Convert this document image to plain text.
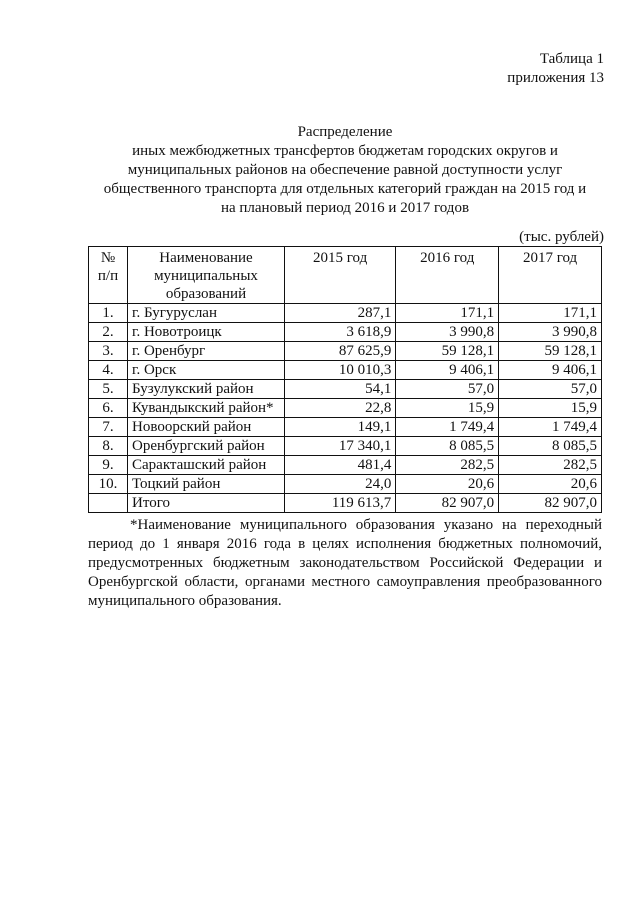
Таблица 1
приложения 13
Распределение
иных межбюджетных трансфертов бюджетам городских округов и
муниципальных районов на обеспечение равной доступности услуг
общественного транспорта для отдельных категорий граждан на 2015 год и
на плановый период 2016 и 2017 годов
(тыс. рублей)
№ п/п	Наименование муниципальных образований	2015 год	2016 год	2017 год
1.	г. Бугуруслан	287,1	171,1	171,1
2.	г. Новотроицк	3 618,9	3 990,8	3 990,8
3.	г. Оренбург	87 625,9	59 128,1	59 128,1
4.	г. Орск	10 010,3	9 406,1	9 406,1
5.	Бузулукский район	54,1	57,0	57,0
6.	Кувандыкский район*	22,8	15,9	15,9
7.	Новоорский район	149,1	1 749,4	1 749,4
8.	Оренбургский район	17 340,1	8 085,5	8 085,5
9.	Саракташский район	481,4	282,5	282,5
10.	Тоцкий район	24,0	20,6	20,6
	Итого	119 613,7	82 907,0	82 907,0
*Наименование муниципального образования указано на переходный период до 1 января 2016 года в целях исполнения бюджетных полномочий, предусмотренных бюджетным законодательством Российской Федерации и Оренбургской области, органами местного самоуправления преобразованного муниципального образования.
